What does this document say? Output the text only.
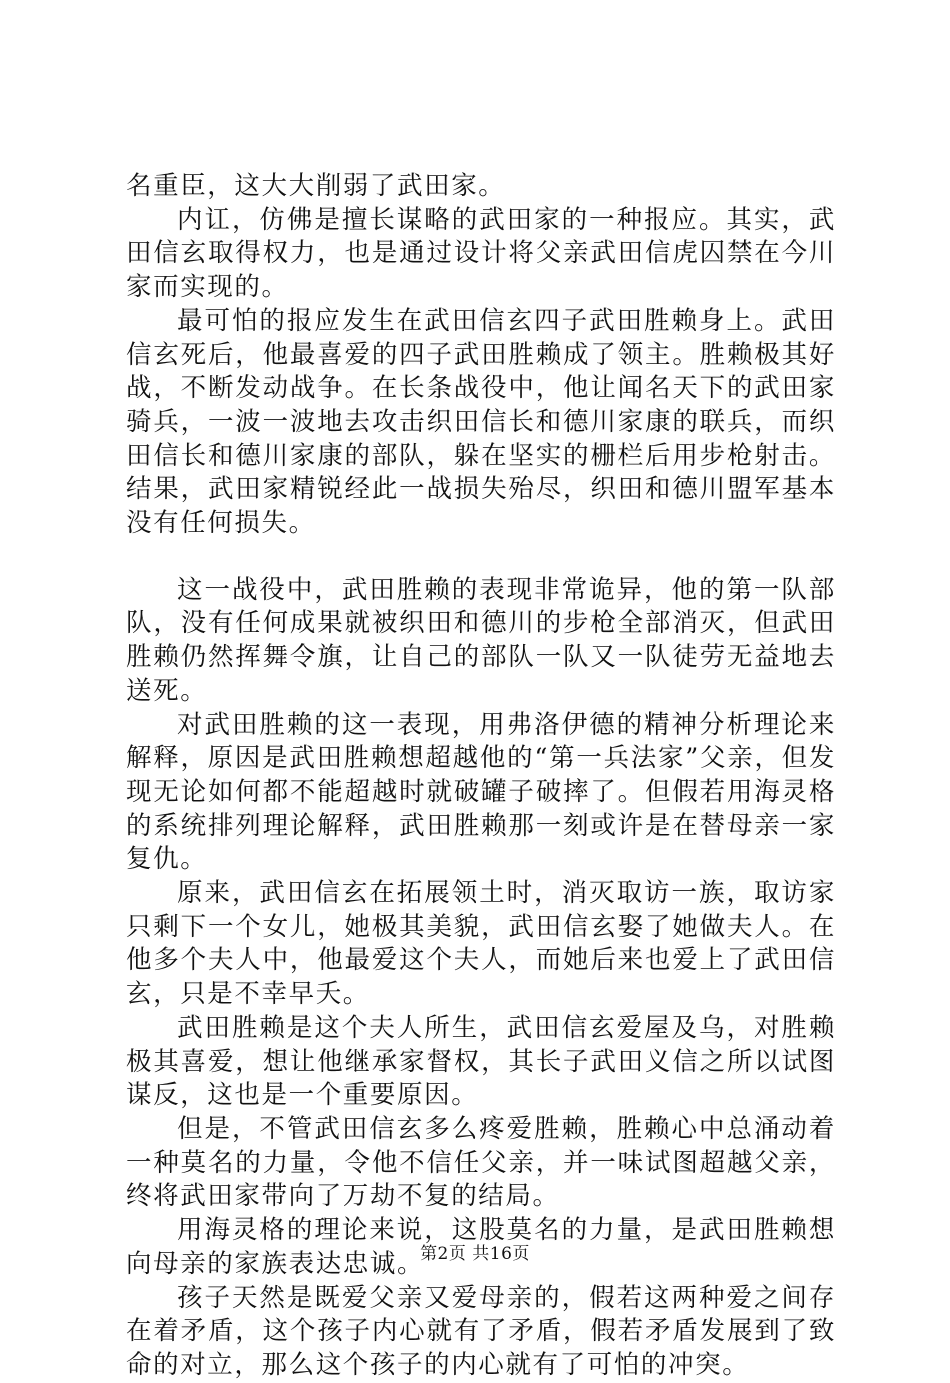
名重臣，这大大削弱了武田家。

内讧，仿佛是擅长谋略的武田家的一种报应。其实，武田信玄取得权力，也是通过设计将父亲武田信虎囚禁在今川家而实现的。

最可怕的报应发生在武田信玄四子武田胜赖身上。武田信玄死后，他最喜爱的四子武田胜赖成了领主。胜赖极其好战，不断发动战争。在长条战役中，他让闻名天下的武田家骑兵，一波一波地去攻击织田信长和德川家康的联兵，而织田信长和德川家康的部队，躲在坚实的栅栏后用步枪射击。结果，武田家精锐经此一战损失殆尽，织田和德川盟军基本没有任何损失。

这一战役中，武田胜赖的表现非常诡异，他的第一队部队，没有任何成果就被织田和德川的步枪全部消灭，但武田胜赖仍然挥舞令旗，让自己的部队一队又一队徒劳无益地去送死。

对武田胜赖的这一表现，用弗洛伊德的精神分析理论来解释，原因是武田胜赖想超越他的“第一兵法家”父亲，但发现无论如何都不能超越时就破罐子破摔了。但假若用海灵格的系统排列理论解释，武田胜赖那一刻或许是在替母亲一家复仇。

原来，武田信玄在拓展领土时，消灭取访一族，取访家只剩下一个女儿，她极其美貌，武田信玄娶了她做夫人。在他多个夫人中，他最爱这个夫人，而她后来也爱上了武田信玄，只是不幸早夭。

武田胜赖是这个夫人所生，武田信玄爱屋及乌，对胜赖极其喜爱，想让他继承家督权，其长子武田义信之所以试图谋反，这也是一个重要原因。

但是，不管武田信玄多么疼爱胜赖，胜赖心中总涌动着一种莫名的力量，令他不信任父亲，并一味试图超越父亲，终将武田家带向了万劫不复的结局。

用海灵格的理论来说，这股莫名的力量，是武田胜赖想向母亲的家族表达忠诚。

孩子天然是既爱父亲又爱母亲的，假若这两种爱之间存在着矛盾，这个孩子内心就有了矛盾，假若矛盾发展到了致命的对立，那么这个孩子的内心就有了可怕的冲突。

第2页 共16页
